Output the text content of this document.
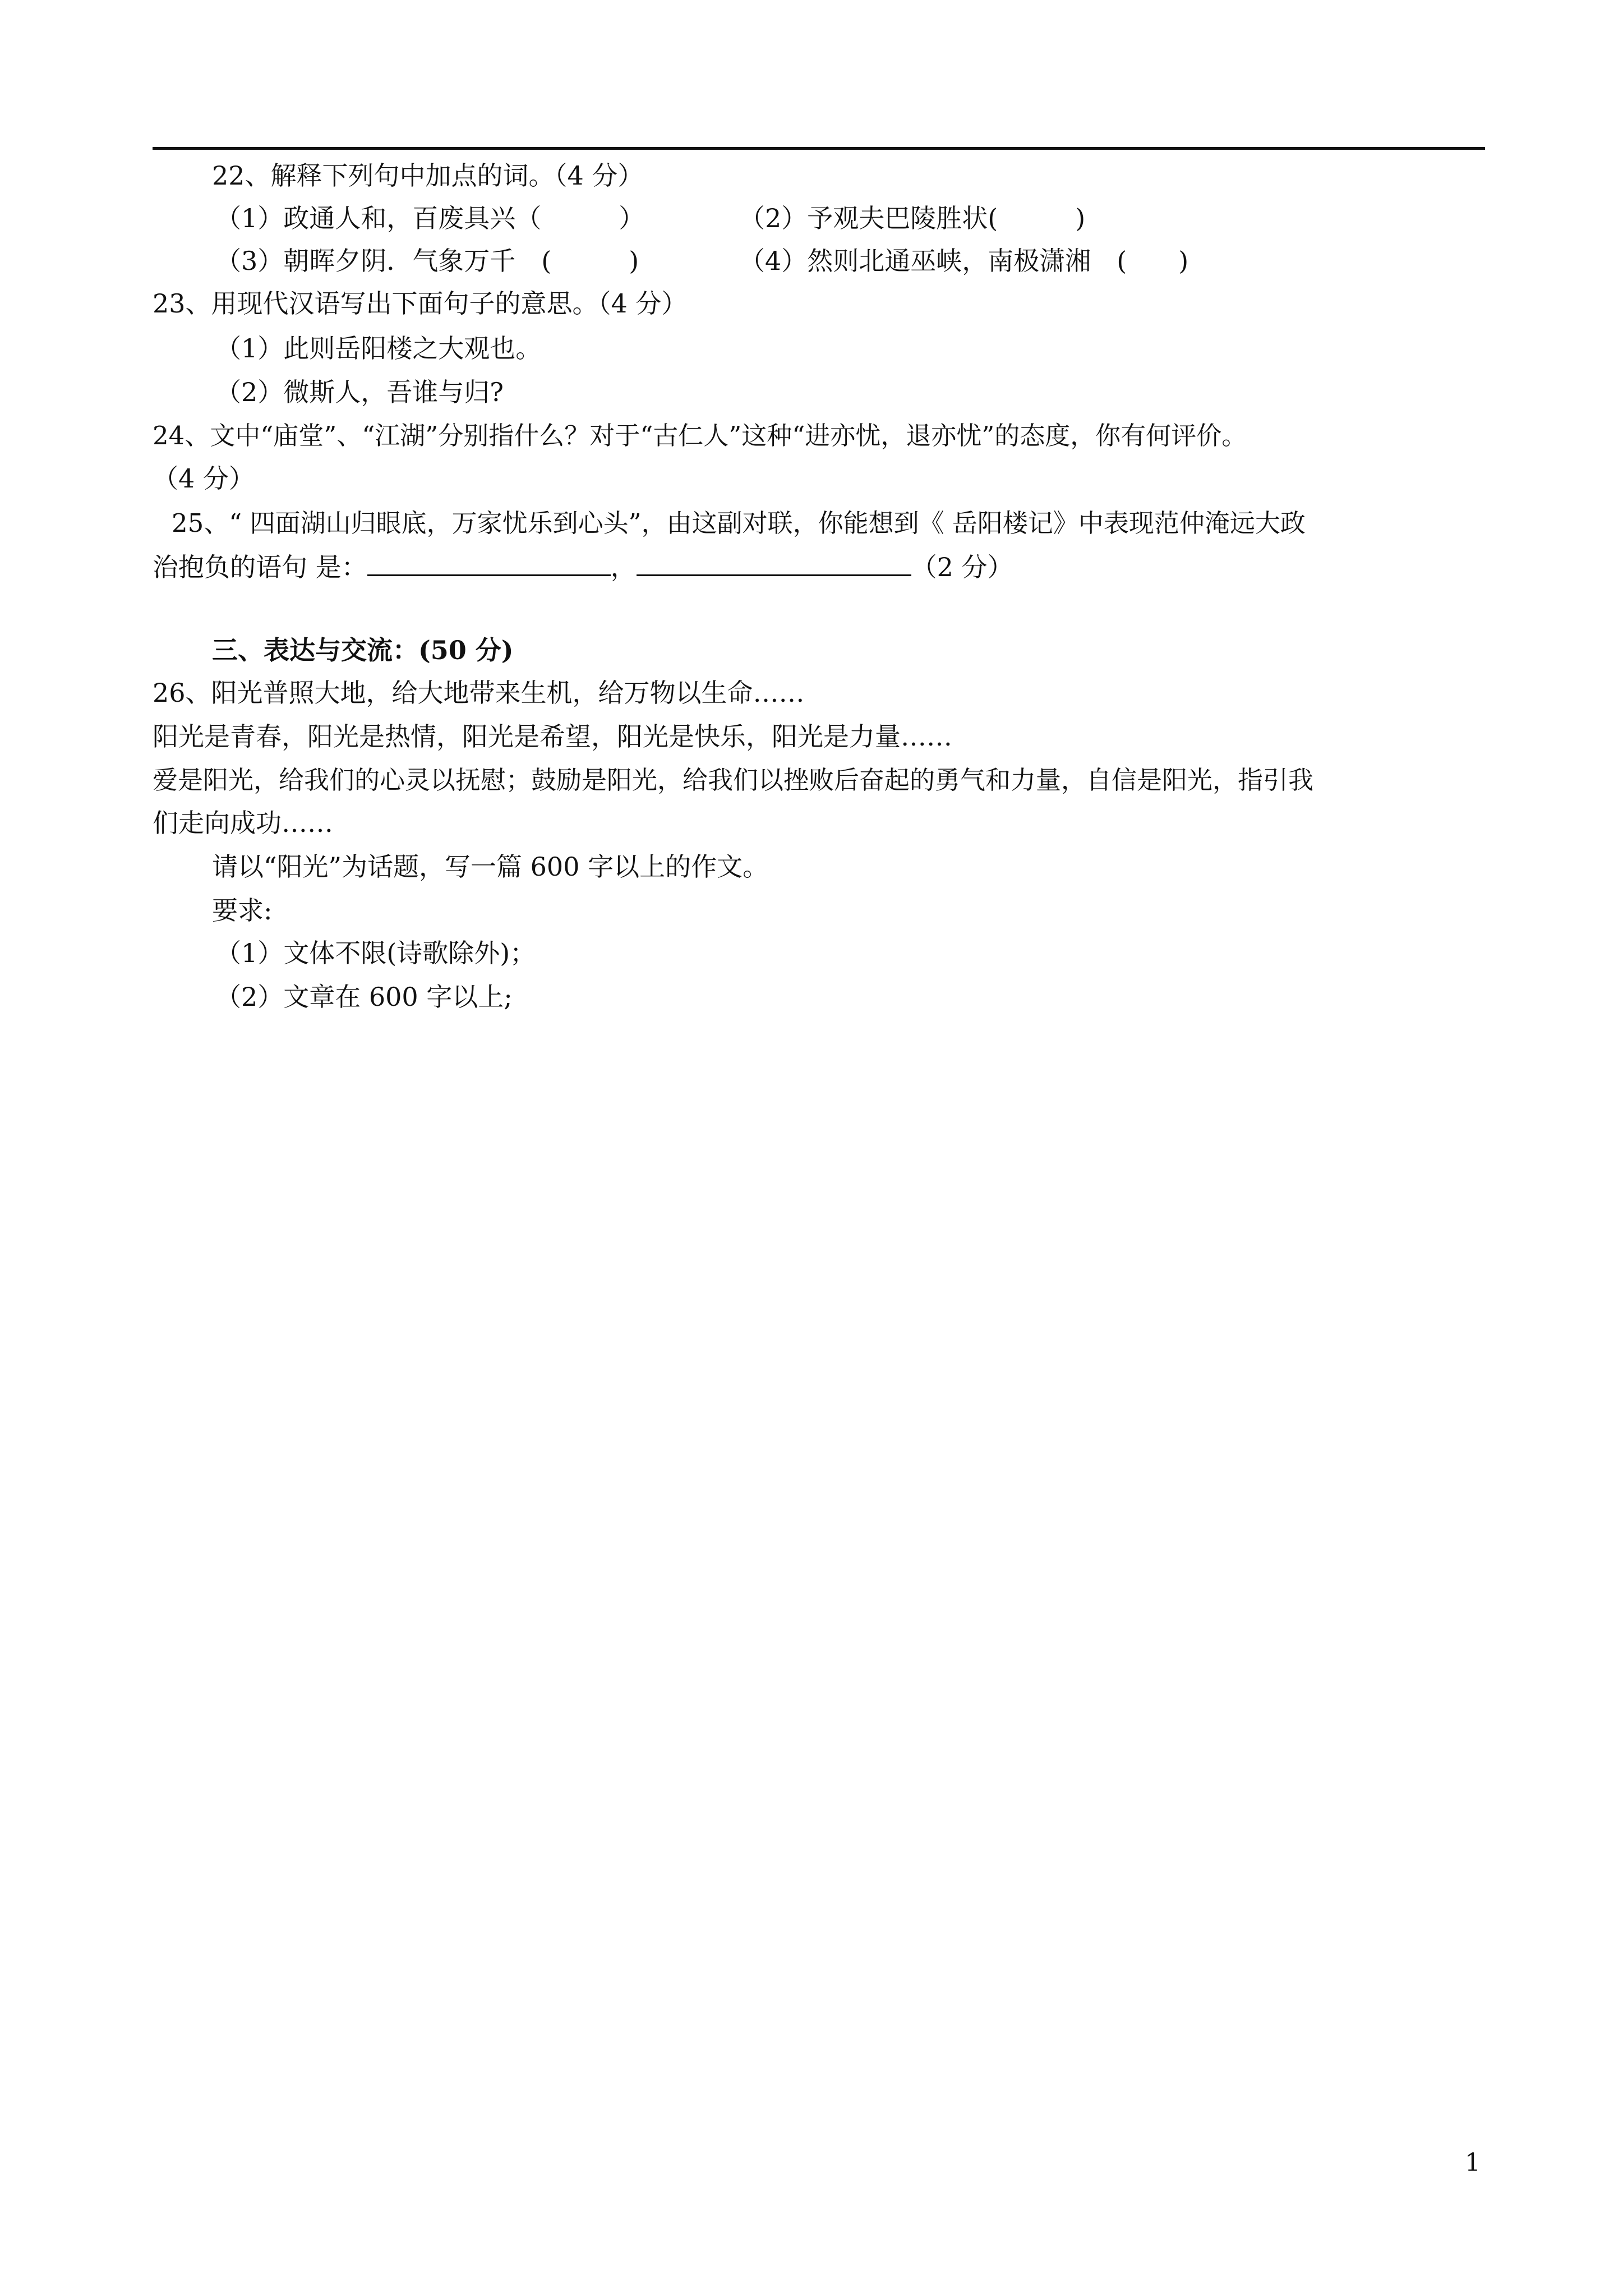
22、解释下列句中加点的词。（4 分）
（1）政通人和，百废具兴（　　　）	（2）予观夫巴陵胜状(　　　)
（3）朝晖夕阴．气象万千　(　　　)	（4）然则北通巫峡，南极潇湘　(　　)
23、用现代汉语写出下面句子的意思。（4 分）
（1）此则岳阳楼之大观也。
（2）微斯人，吾谁与归?
24、文中“庙堂”、“江湖”分别指什么？对于“古仁人”这种“进亦忧，退亦忧”的态度，你有何评价。
（4 分）
25、“ 四面湖山归眼底，万家忧乐到心头”，由这副对联，你能想到《 岳阳楼记》中表现范仲淹远大政
治抱负的语句 是：	，	（2 分）
三、表达与交流：(50 分)
26、阳光普照大地，给大地带来生机，给万物以生命……
阳光是青春，阳光是热情，阳光是希望，阳光是快乐，阳光是力量……
爱是阳光，给我们的心灵以抚慰；鼓励是阳光，给我们以挫败后奋起的勇气和力量，自信是阳光，指引我
们走向成功……
请以“阳光”为话题，写一篇 600 字以上的作文。
要求:
（1）文体不限(诗歌除外)；
（2）文章在 600 字以上;
1
